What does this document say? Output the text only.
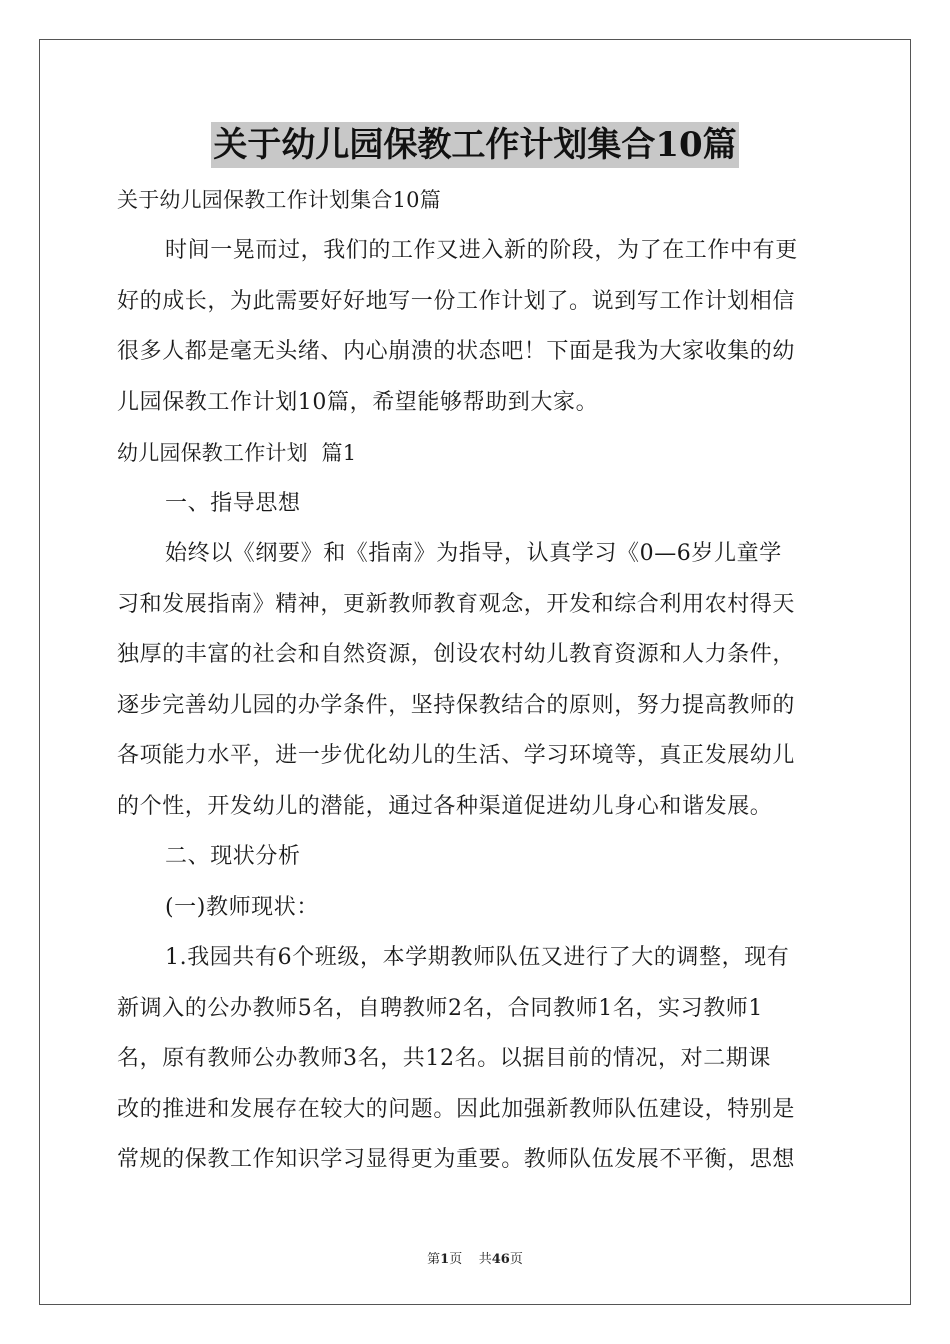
关于幼儿园保教工作计划集合10篇
关于幼儿园保教工作计划集合10篇
时间一晃而过，我们的工作又进入新的阶段，为了在工作中有更
好的成长，为此需要好好地写一份工作计划了。说到写工作计划相信
很多人都是毫无头绪、内心崩溃的状态吧！下面是我为大家收集的幼
儿园保教工作计划10篇，希望能够帮助到大家。
幼儿园保教工作计划  篇1
一、指导思想
始终以《纲要》和《指南》为指导，认真学习《0—6岁儿童学
习和发展指南》精神，更新教师教育观念，开发和综合利用农村得天
独厚的丰富的社会和自然资源，创设农村幼儿教育资源和人力条件，
逐步完善幼儿园的办学条件，坚持保教结合的原则，努力提高教师的
各项能力水平，进一步优化幼儿的生活、学习环境等，真正发展幼儿
的个性，开发幼儿的潜能，通过各种渠道促进幼儿身心和谐发展。
二、现状分析
(一)教师现状：
1.我园共有6个班级，本学期教师队伍又进行了大的调整，现有
新调入的公办教师5名，自聘教师2名，合同教师1名，实习教师1
名，原有教师公办教师3名，共12名。以据目前的情况，对二期课
改的推进和发展存在较大的问题。因此加强新教师队伍建设，特别是
常规的保教工作知识学习显得更为重要。教师队伍发展不平衡，思想
第1页    共46页
